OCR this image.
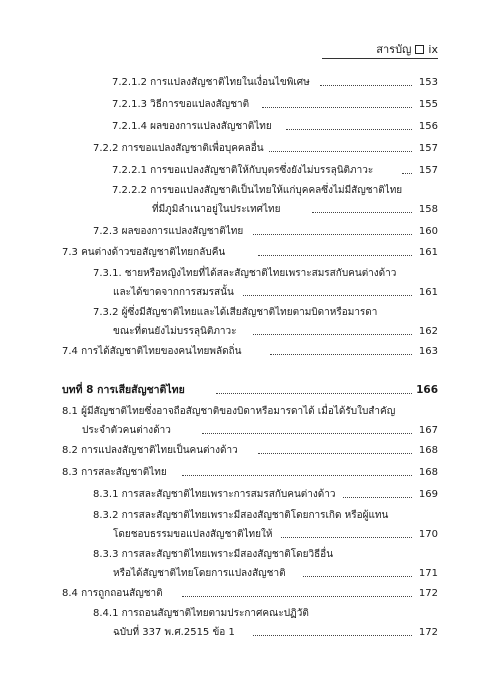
สารบัญ ix
7.2.1.2 การแปลงสัญชาติไทยในเงื่อนไขพิเศษ	153
7.2.1.3 วิธีการขอแปลงสัญชาติ	155
7.2.1.4 ผลของการแปลงสัญชาติไทย	156
7.2.2 การขอแปลงสัญชาติเพื่อบุคคลอื่น	157
7.2.2.1 การขอแปลงสัญชาติให้กับบุตรซึ่งยังไม่บรรลุนิติภาวะ	157
7.2.2.2 การขอแปลงสัญชาติเป็นไทยให้แก่บุคคลซึ่งไม่มีสัญชาติไทย
ที่มีภูมิลำเนาอยู่ในประเทศไทย	158
7.2.3 ผลของการแปลงสัญชาติไทย	160
7.3 คนต่างด้าวขอสัญชาติไทยกลับคืน	161
7.3.1. ชายหรือหญิงไทยที่ได้สละสัญชาติไทยเพราะสมรสกับคนต่างด้าว
และได้ขาดจากการสมรสนั้น	161
7.3.2 ผู้ซึ่งมีสัญชาติไทยและได้เสียสัญชาติไทยตามบิดาหรือมารดา
ขณะที่ตนยังไม่บรรลุนิติภาวะ	162
7.4 การได้สัญชาติไทยของคนไทยพลัดถิ่น	163
บทที่ 8 การเสียสัญชาติไทย	166
8.1 ผู้มีสัญชาติไทยซึ่งอาจถือสัญชาติของบิดาหรือมารดาได้ เมื่อได้รับใบสำคัญ
ประจำตัวคนต่างด้าว	167
8.2 การแปลงสัญชาติไทยเป็นคนต่างด้าว	168
8.3 การสละสัญชาติไทย	168
8.3.1 การสละสัญชาติไทยเพราะการสมรสกับคนต่างด้าว	169
8.3.2 การสละสัญชาติไทยเพราะมีสองสัญชาติโดยการเกิด หรือผู้แทน
โดยชอบธรรมขอแปลงสัญชาติไทยให้	170
8.3.3 การสละสัญชาติไทยเพราะมีสองสัญชาติโดยวิธีอื่น
หรือได้สัญชาติไทยโดยการแปลงสัญชาติ	171
8.4 การถูกถอนสัญชาติ	172
8.4.1 การถอนสัญชาติไทยตามประกาศคณะปฏิวัติ
ฉบับที่ 337 พ.ศ.2515 ข้อ 1	172
